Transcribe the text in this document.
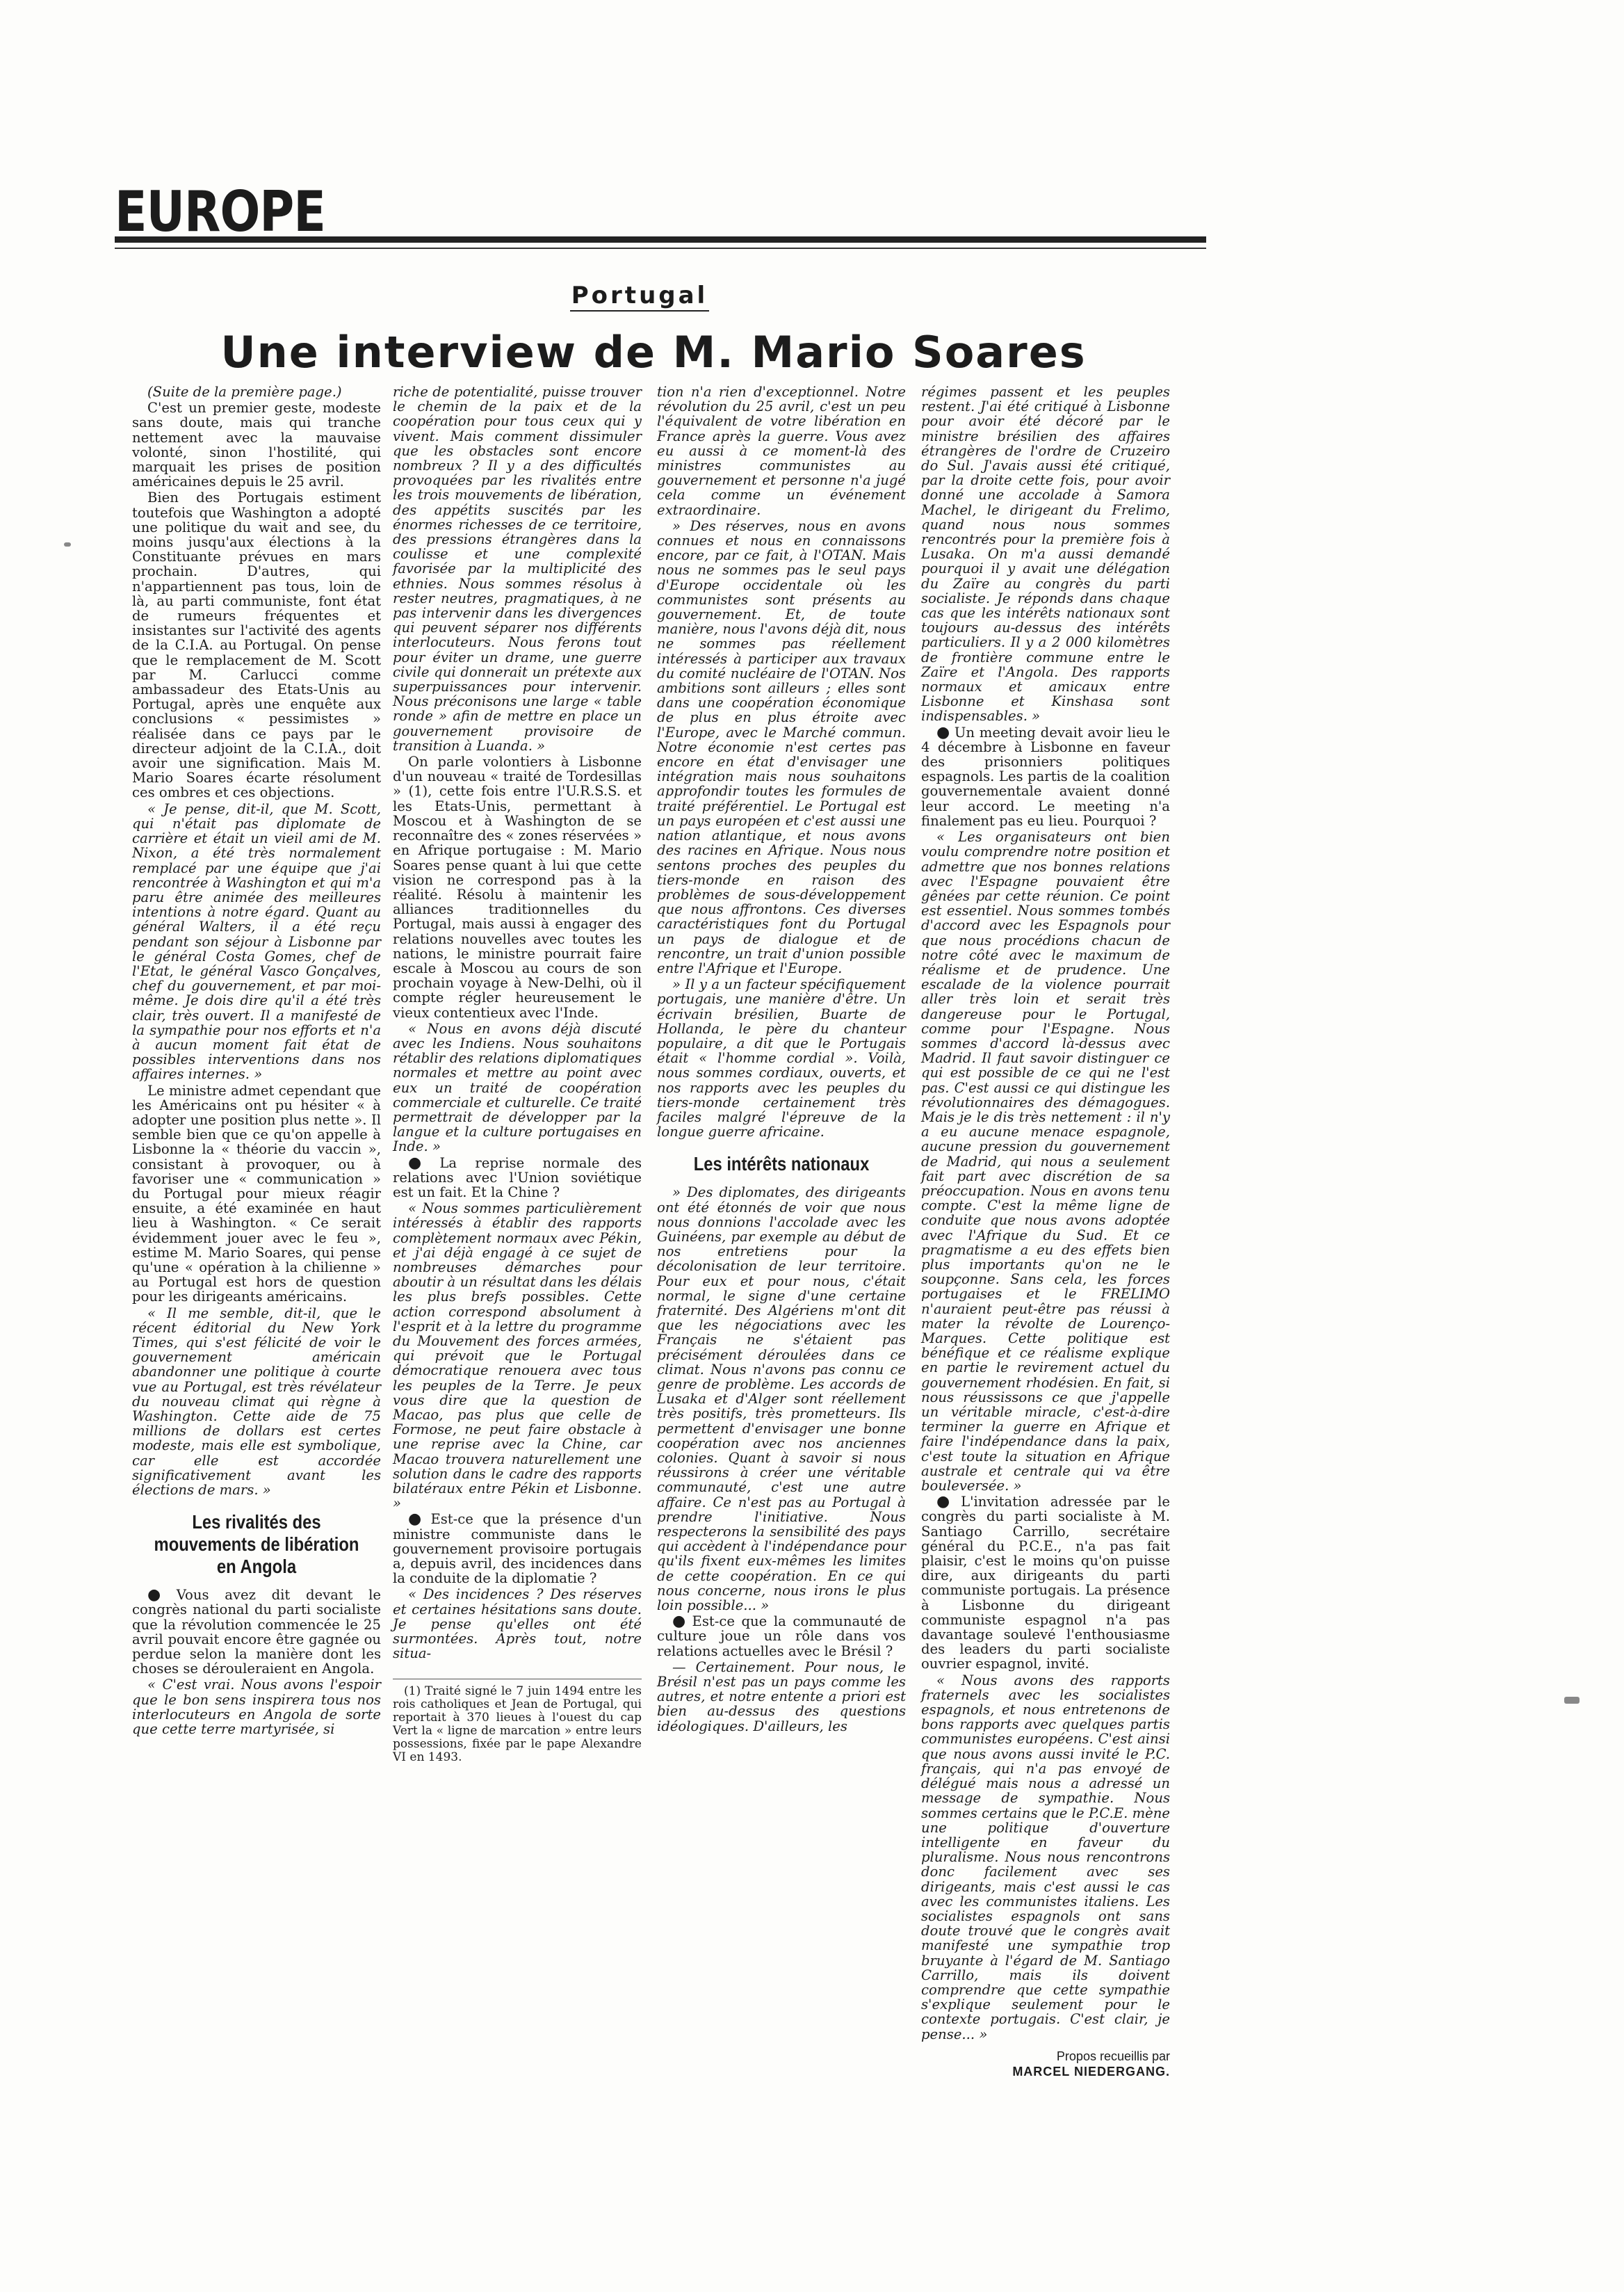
EUROPE
Portugal
Une interview de M. Mario Soares

(Suite de la première page.)

C'est un premier geste, modeste sans doute, mais qui tranche nettement avec la mauvaise volonté, sinon l'hostilité, qui marquait les prises de position américaines depuis le 25 avril.

Bien des Portugais estiment toutefois que Washington a adopté une politique du wait and see, du moins jusqu'aux élections à la Constituante prévues en mars prochain. D'autres, qui n'appartiennent pas tous, loin de là, au parti communiste, font état de rumeurs fréquentes et insistantes sur l'activité des agents de la C.I.A. au Portugal. On pense que le remplacement de M. Scott par M. Carlucci comme ambassadeur des Etats-Unis au Portugal, après une enquête aux conclusions « pessimistes » réalisée dans ce pays par le directeur adjoint de la C.I.A., doit avoir une signification. Mais M. Mario Soares écarte résolument ces ombres et ces objections.

« Je pense, dit-il, que M. Scott, qui n'était pas diplomate de carrière et était un vieil ami de M. Nixon, a été très normalement remplacé par une équipe que j'ai rencontrée à Washington et qui m'a paru être animée des meilleures intentions à notre égard. Quant au général Walters, il a été reçu pendant son séjour à Lisbonne par le général Costa Gomes, chef de l'Etat, le général Vasco Gonçalves, chef du gouvernement, et par moi-même. Je dois dire qu'il a été très clair, très ouvert. Il a manifesté de la sympathie pour nos efforts et n'a à aucun moment fait état de possibles interventions dans nos affaires internes. »

Le ministre admet cependant que les Américains ont pu hésiter « à adopter une position plus nette ». Il semble bien que ce qu'on appelle à Lisbonne la « théorie du vaccin », consistant à provoquer, ou à favoriser une « communication » du Portugal pour mieux réagir ensuite, a été examinée en haut lieu à Washington. « Ce serait évidemment jouer avec le feu », estime M. Mario Soares, qui pense qu'une « opération à la chilienne » au Portugal est hors de question pour les dirigeants américains.

« Il me semble, dit-il, que le récent éditorial du New York Times, qui s'est félicité de voir le gouvernement américain abandonner une politique à courte vue au Portugal, est très révélateur du nouveau climat qui règne à Washington. Cette aide de 75 millions de dollars est certes modeste, mais elle est symbolique, car elle est accordée significativement avant les élections de mars. »

Les rivalités des mouvements de libération en Angola

● Vous avez dit devant le congrès national du parti socialiste que la révolution commencée le 25 avril pouvait encore être gagnée ou perdue selon la manière dont les choses se dérouleraient en Angola.

« C'est vrai. Nous avons l'espoir que le bon sens inspirera tous nos interlocuteurs en Angola de sorte que cette terre martyrisée, si

riche de potentialité, puisse trouver le chemin de la paix et de la coopération pour tous ceux qui y vivent. Mais comment dissimuler que les obstacles sont encore nombreux ? Il y a des difficultés provoquées par les rivalités entre les trois mouvements de libération, des appétits suscités par les énormes richesses de ce territoire, des pressions étrangères dans la coulisse et une complexité favorisée par la multiplicité des ethnies. Nous sommes résolus à rester neutres, pragmatiques, à ne pas intervenir dans les divergences qui peuvent séparer nos différents interlocuteurs. Nous ferons tout pour éviter un drame, une guerre civile qui donnerait un prétexte aux superpuissances pour intervenir. Nous préconisons une large « table ronde » afin de mettre en place un gouvernement provisoire de transition à Luanda. »

On parle volontiers à Lisbonne d'un nouveau « traité de Tordesillas » (1), cette fois entre l'U.R.S.S. et les Etats-Unis, permettant à Moscou et à Washington de se reconnaître des « zones réservées » en Afrique portugaise : M. Mario Soares pense quant à lui que cette vision ne correspond pas à la réalité. Résolu à maintenir les alliances traditionnelles du Portugal, mais aussi à engager des relations nouvelles avec toutes les nations, le ministre pourrait faire escale à Moscou au cours de son prochain voyage à New-Delhi, où il compte régler heureusement le vieux contentieux avec l'Inde.

« Nous en avons déjà discuté avec les Indiens. Nous souhaitons rétablir des relations diplomatiques normales et mettre au point avec eux un traité de coopération commerciale et culturelle. Ce traité permettrait de développer par la langue et la culture portugaises en Inde. »

● La reprise normale des relations avec l'Union soviétique est un fait. Et la Chine ?

« Nous sommes particulièrement intéressés à établir des rapports complètement normaux avec Pékin, et j'ai déjà engagé à ce sujet de nombreuses démarches pour aboutir à un résultat dans les délais les plus brefs possibles. Cette action correspond absolument à l'esprit et à la lettre du programme du Mouvement des forces armées, qui prévoit que le Portugal démocratique renouera avec tous les peuples de la Terre. Je peux vous dire que la question de Macao, pas plus que celle de Formose, ne peut faire obstacle à une reprise avec la Chine, car Macao trouvera naturellement une solution dans le cadre des rapports bilatéraux entre Pékin et Lisbonne. »

● Est-ce que la présence d'un ministre communiste dans le gouvernement provisoire portugais a, depuis avril, des incidences dans la conduite de la diplomatie ?

« Des incidences ? Des réserves et certaines hésitations sans doute. Je pense qu'elles ont été surmontées. Après tout, notre situa-

(1) Traité signé le 7 juin 1494 entre les rois catholiques et Jean de Portugal, qui reportait à 370 lieues à l'ouest du cap Vert la « ligne de marcation » entre leurs possessions, fixée par le pape Alexandre VI en 1493.

tion n'a rien d'exceptionnel. Notre révolution du 25 avril, c'est un peu l'équivalent de votre libération en France après la guerre. Vous avez eu aussi à ce moment-là des ministres communistes au gouvernement et personne n'a jugé cela comme un événement extraordinaire.

» Des réserves, nous en avons connues et nous en connaissons encore, par ce fait, à l'OTAN. Mais nous ne sommes pas le seul pays d'Europe occidentale où les communistes sont présents au gouvernement. Et, de toute manière, nous l'avons déjà dit, nous ne sommes pas réellement intéressés à participer aux travaux du comité nucléaire de l'OTAN. Nos ambitions sont ailleurs ; elles sont dans une coopération économique de plus en plus étroite avec l'Europe, avec le Marché commun. Notre économie n'est certes pas encore en état d'envisager une intégration mais nous souhaitons approfondir toutes les formules de traité préférentiel. Le Portugal est un pays européen et c'est aussi une nation atlantique, et nous avons des racines en Afrique. Nous nous sentons proches des peuples du tiers-monde en raison des problèmes de sous-développement que nous affrontons. Ces diverses caractéristiques font du Portugal un pays de dialogue et de rencontre, un trait d'union possible entre l'Afrique et l'Europe.

» Il y a un facteur spécifiquement portugais, une manière d'être. Un écrivain brésilien, Buarte de Hollanda, le père du chanteur populaire, a dit que le Portugais était « l'homme cordial ». Voilà, nous sommes cordiaux, ouverts, et nos rapports avec les peuples du tiers-monde certainement très faciles malgré l'épreuve de la longue guerre africaine.

Les intérêts nationaux

» Des diplomates, des dirigeants ont été étonnés de voir que nous nous donnions l'accolade avec les Guinéens, par exemple au début de nos entretiens pour la décolonisation de leur territoire. Pour eux et pour nous, c'était normal, le signe d'une certaine fraternité. Des Algériens m'ont dit que les négociations avec les Français ne s'étaient pas précisément déroulées dans ce climat. Nous n'avons pas connu ce genre de problème. Les accords de Lusaka et d'Alger sont réellement très positifs, très prometteurs. Ils permettent d'envisager une bonne coopération avec nos anciennes colonies. Quant à savoir si nous réussirons à créer une véritable communauté, c'est une autre affaire. Ce n'est pas au Portugal à prendre l'initiative. Nous respecterons la sensibilité des pays qui accèdent à l'indépendance pour qu'ils fixent eux-mêmes les limites de cette coopération. En ce qui nous concerne, nous irons le plus loin possible... »

● Est-ce que la communauté de culture joue un rôle dans vos relations actuelles avec le Brésil ?

— Certainement. Pour nous, le Brésil n'est pas un pays comme les autres, et notre entente a priori est bien au-dessus des questions idéologiques. D'ailleurs, les

régimes passent et les peuples restent. J'ai été critiqué à Lisbonne pour avoir été décoré par le ministre brésilien des affaires étrangères de l'ordre de Cruzeiro do Sul. J'avais aussi été critiqué, par la droite cette fois, pour avoir donné une accolade à Samora Machel, le dirigeant du Frelimo, quand nous nous sommes rencontrés pour la première fois à Lusaka. On m'a aussi demandé pourquoi il y avait une délégation du Zaïre au congrès du parti socialiste. Je réponds dans chaque cas que les intérêts nationaux sont toujours au-dessus des intérêts particuliers. Il y a 2 000 kilomètres de frontière commune entre le Zaïre et l'Angola. Des rapports normaux et amicaux entre Lisbonne et Kinshasa sont indispensables. »

● Un meeting devait avoir lieu le 4 décembre à Lisbonne en faveur des prisonniers politiques espagnols. Les partis de la coalition gouvernementale avaient donné leur accord. Le meeting n'a finalement pas eu lieu. Pourquoi ?

« Les organisateurs ont bien voulu comprendre notre position et admettre que nos bonnes relations avec l'Espagne pouvaient être gênées par cette réunion. Ce point est essentiel. Nous sommes tombés d'accord avec les Espagnols pour que nous procédions chacun de notre côté avec le maximum de réalisme et de prudence. Une escalade de la violence pourrait aller très loin et serait très dangereuse pour le Portugal, comme pour l'Espagne. Nous sommes d'accord là-dessus avec Madrid. Il faut savoir distinguer ce qui est possible de ce qui ne l'est pas. C'est aussi ce qui distingue les révolutionnaires des démagogues. Mais je le dis très nettement : il n'y a eu aucune menace espagnole, aucune pression du gouvernement de Madrid, qui nous a seulement fait part avec discrétion de sa préoccupation. Nous en avons tenu compte. C'est la même ligne de conduite que nous avons adoptée avec l'Afrique du Sud. Et ce pragmatisme a eu des effets bien plus importants qu'on ne le soupçonne. Sans cela, les forces portugaises et le FRELIMO n'auraient peut-être pas réussi à mater la révolte de Lourenço-Marques. Cette politique est bénéfique et ce réalisme explique en partie le revirement actuel du gouvernement rhodésien. En fait, si nous réussissons ce que j'appelle un véritable miracle, c'est-à-dire terminer la guerre en Afrique et faire l'indépendance dans la paix, c'est toute la situation en Afrique australe et centrale qui va être bouleversée. »

● L'invitation adressée par le congrès du parti socialiste à M. Santiago Carrillo, secrétaire général du P.C.E., n'a pas fait plaisir, c'est le moins qu'on puisse dire, aux dirigeants du parti communiste portugais. La présence à Lisbonne du dirigeant communiste espagnol n'a pas davantage soulevé l'enthousiasme des leaders du parti socialiste ouvrier espagnol, invité.

« Nous avons des rapports fraternels avec les socialistes espagnols, et nous entretenons de bons rapports avec quelques partis communistes européens. C'est ainsi que nous avons aussi invité le P.C. français, qui n'a pas envoyé de délégué mais nous a adressé un message de sympathie. Nous sommes certains que le P.C.E. mène une politique d'ouverture intelligente en faveur du pluralisme. Nous nous rencontrons donc facilement avec ses dirigeants, mais c'est aussi le cas avec les communistes italiens. Les socialistes espagnols ont sans doute trouvé que le congrès avait manifesté une sympathie trop bruyante à l'égard de M. Santiago Carrillo, mais ils doivent comprendre que cette sympathie s'explique seulement pour le contexte portugais. C'est clair, je pense... »

Propos recueillis par
MARCEL NIEDERGANG.
